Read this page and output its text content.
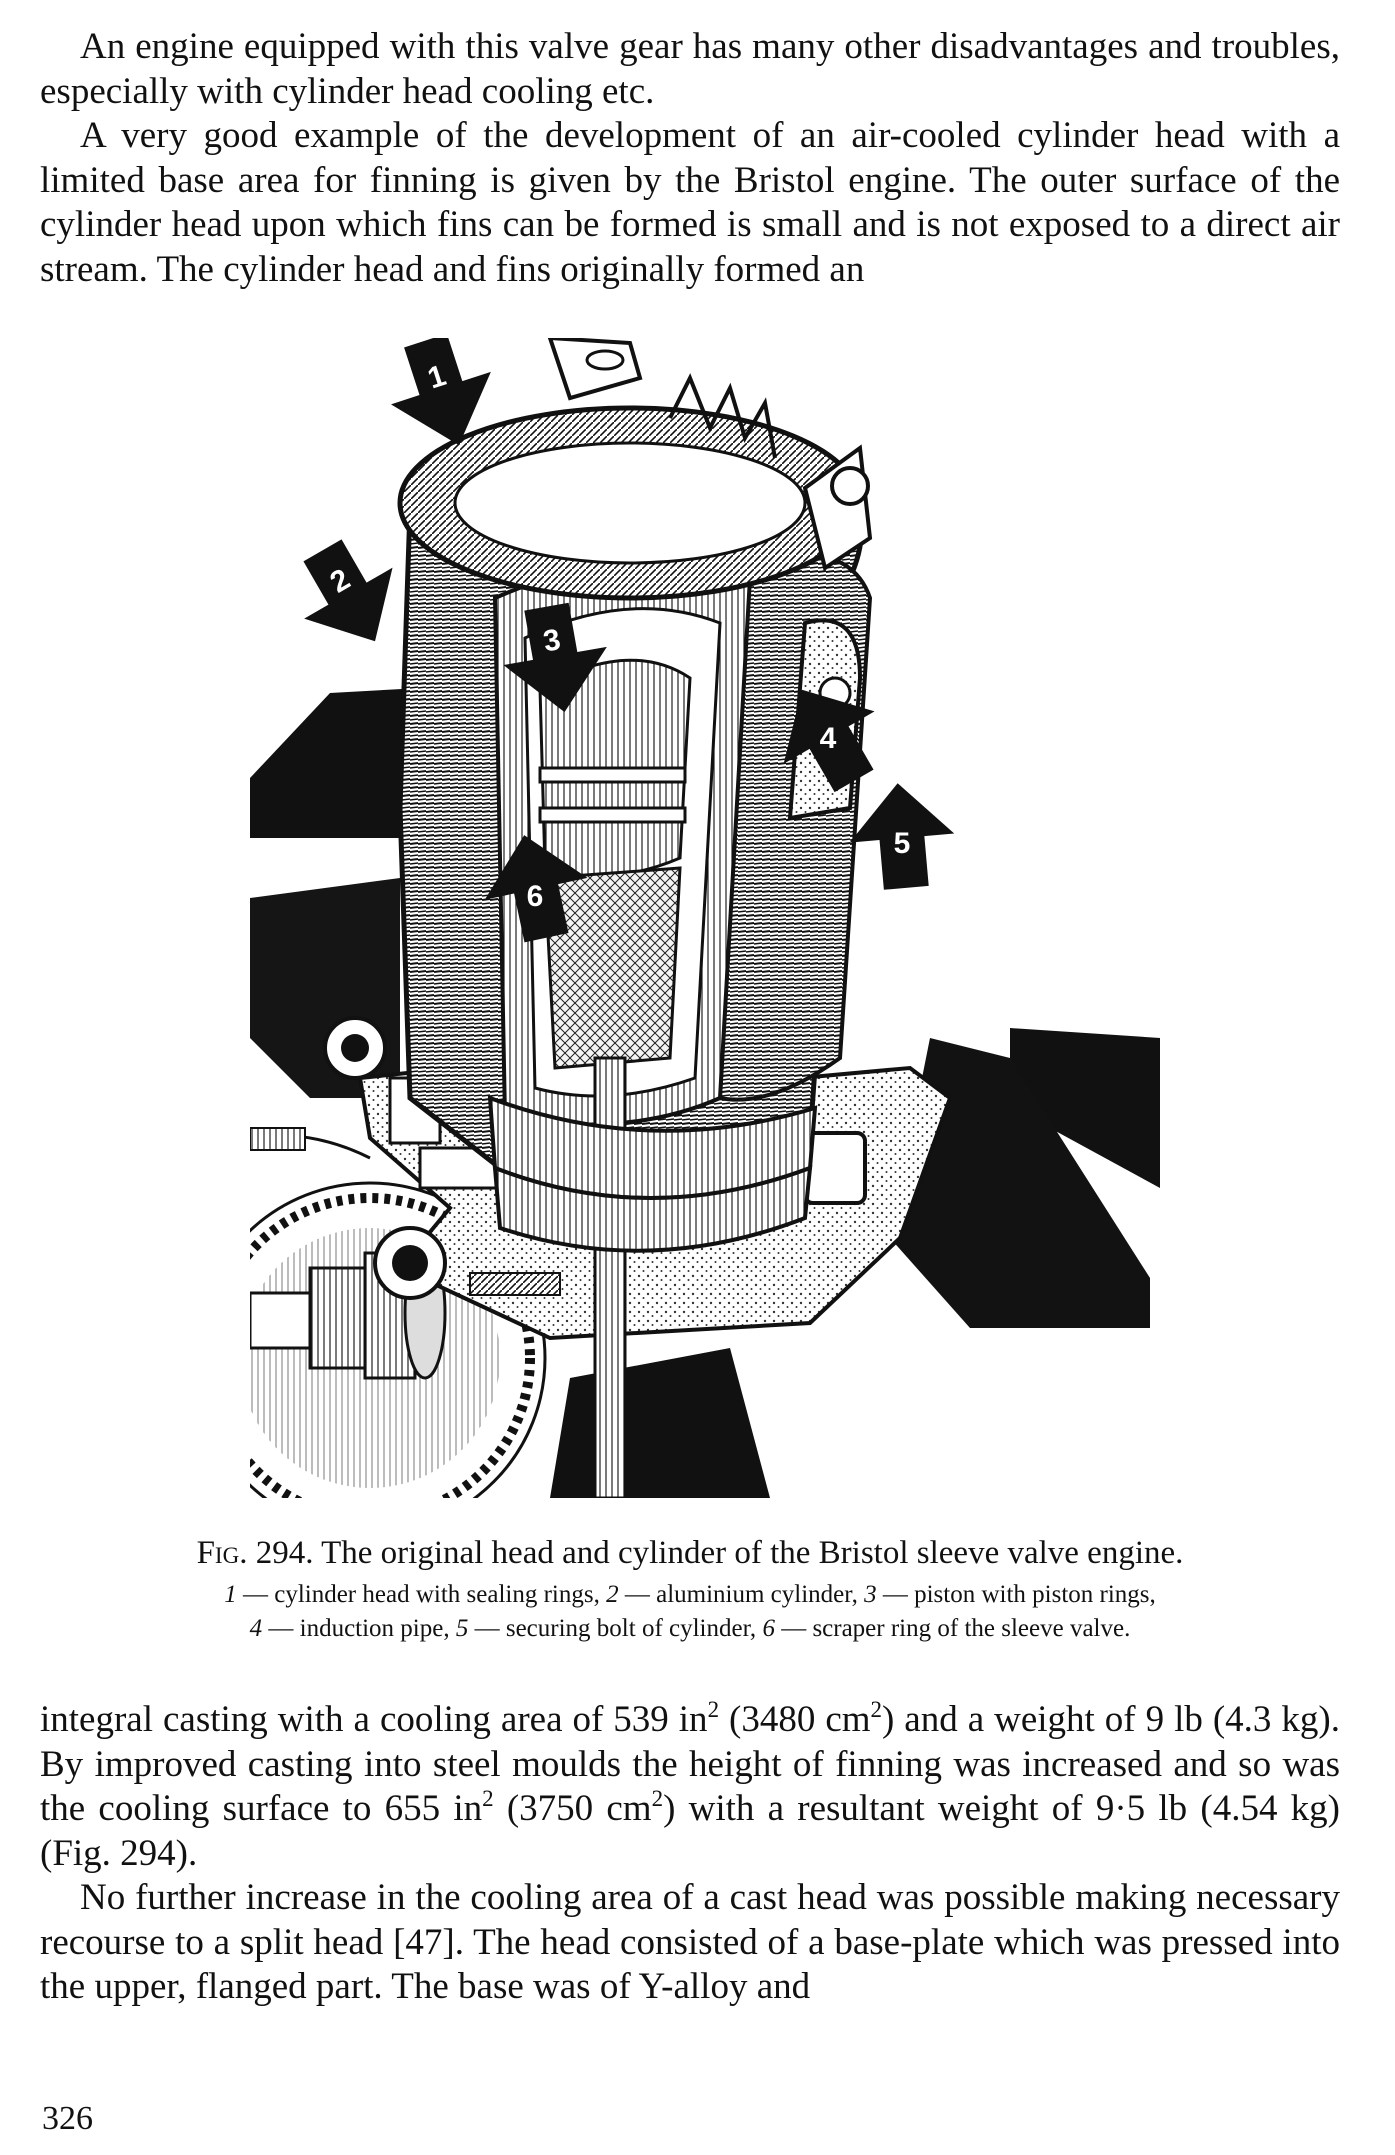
An engine equipped with this valve gear has many other disadvantages and troubles, especially with cylinder head cooling etc.

A very good example of the development of an air-cooled cylinder head with a limited base area for finning is given by the Bristol engine. The outer surface of the cylinder head upon which fins can be formed is small and is not exposed to a direct air stream. The cylinder head and fins originally formed an

1
2
3
4
5
6

Fig. 294. The original head and cylinder of the Bristol sleeve valve engine.

1 — cylinder head with sealing rings, 2 — aluminium cylinder, 3 — piston with piston rings,
4 — induction pipe, 5 — securing bolt of cylinder, 6 — scraper ring of the sleeve valve.

integral casting with a cooling area of 539 $in^2$ (3480 $cm^2$) and a weight of 9 lb (4.3 kg). By improved casting into steel moulds the height of finning was increased and so was the cooling surface to 655 $in^2$ (3750 $cm^2$) with a resultant weight of 9·5 lb (4.54 kg) (Fig. 294).

No further increase in the cooling area of a cast head was possible making necessary recourse to a split head [47]. The head consisted of a base-plate which was pressed into the upper, flanged part. The base was of Y-alloy and

326
